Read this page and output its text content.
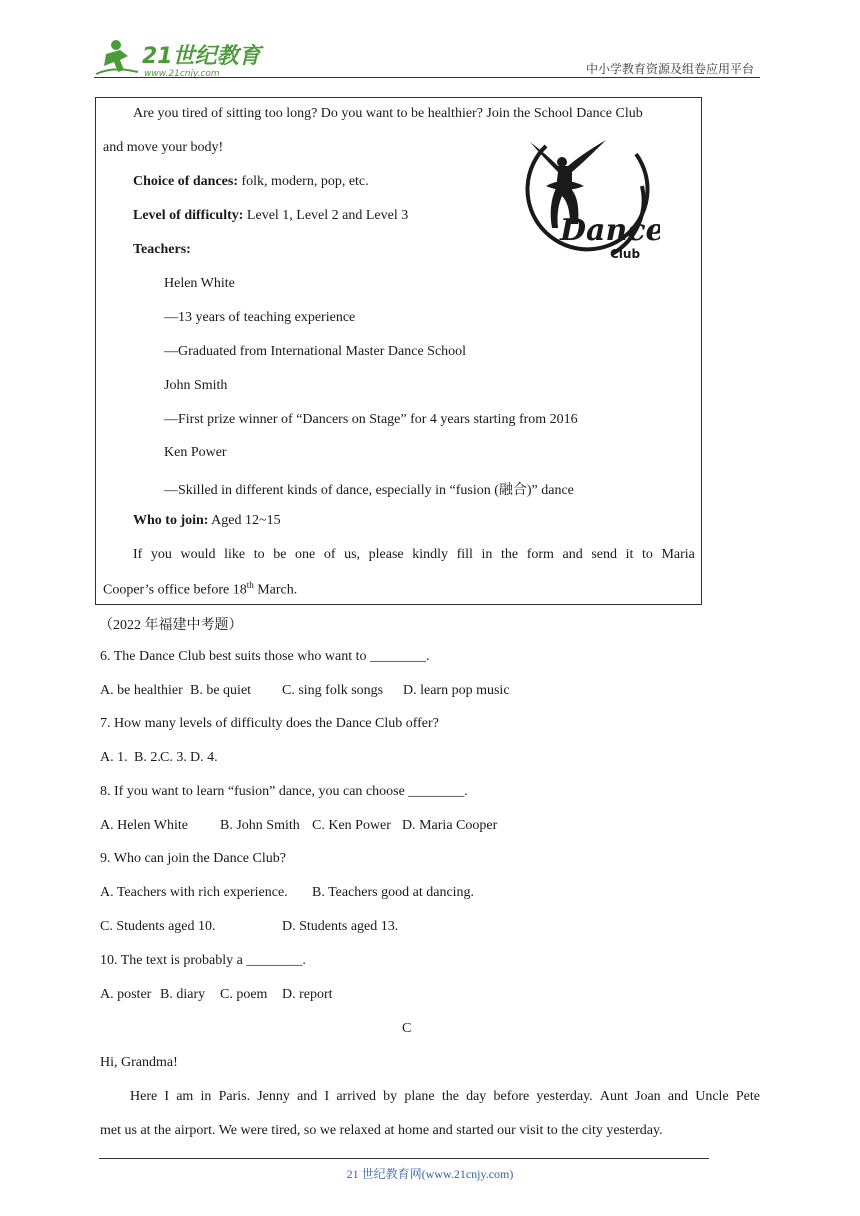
21世纪教育
www.21cnjy.com	中小学教育资源及组卷应用平台
Are you tired of sitting too long? Do you want to be healthier? Join the School Dance Club
and move your body!
Choice of dances: folk, modern, pop, etc.
Level of difficulty: Level 1, Level 2 and Level 3
Teachers:
Helen White
—13 years of teaching experience
—Graduated from International Master Dance School
John Smith
—First prize winner of “Dancers on Stage” for 4 years starting from 2016
Ken Power
—Skilled in different kinds of dance, especially in “fusion (融合)” dance
Who to join: Aged 12~15
If you would like to be one of us, please kindly fill in the form and send it to Maria
Cooper’s office before 18th March.
Dance
Club
（2022 年福建中考题）
6. The Dance Club best suits those who want to ________.
A. be healthier B. be quiet C. sing folk songs D. learn pop music
7. How many levels of difficulty does the Dance Club offer?
A. 1. B. 2. C. 3. D. 4.
8. If you want to learn “fusion” dance, you can choose ________.
A. Helen White B. John Smith C. Ken Power D. Maria Cooper
9. Who can join the Dance Club?
A. Teachers with rich experience. B. Teachers good at dancing.
C. Students aged 10.	D. Students aged 13.
10. The text is probably a ________.
A. poster B. diary C. poem D. report
C
Hi, Grandma!
Here I am in Paris. Jenny and I arrived by plane the day before yesterday. Aunt Joan and Uncle Pete
met us at the airport. We were tired, so we relaxed at home and started our visit to the city yesterday.
21 世纪教育网(www.21cnjy.com)
